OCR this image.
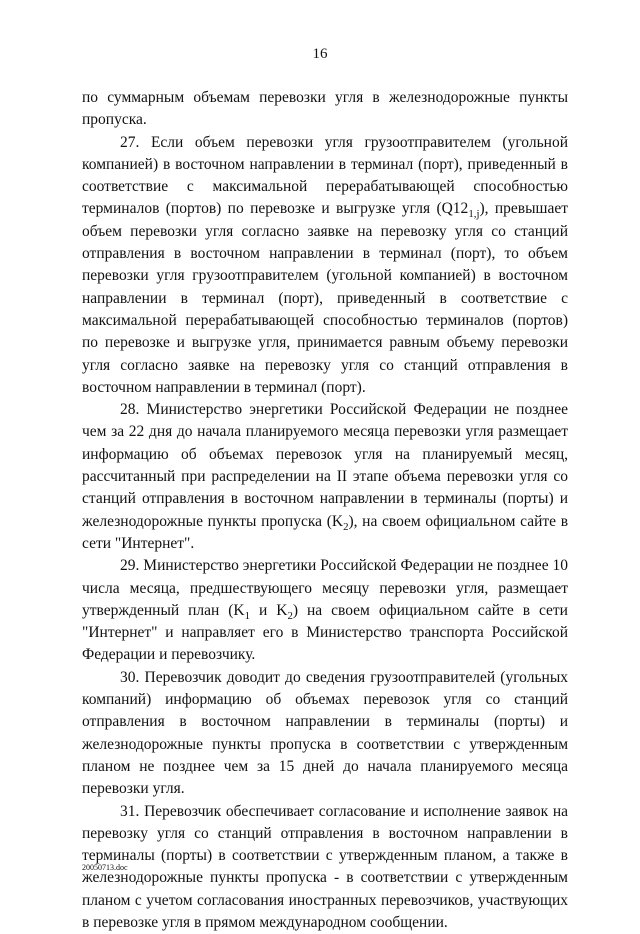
16

по суммарным объемам перевозки угля в железнодорожные пункты пропуска.

27. Если объем перевозки угля грузоотправителем (угольной компанией) в восточном направлении в терминал (порт), приведенный в соответствие с максимальной перерабатывающей способностью терминалов (портов) по перевозке и выгрузке угля $(Q12_{1,j})$, превышает объем перевозки угля согласно заявке на перевозку угля со станций отправления в восточном направлении в терминал (порт), то объем перевозки угля грузоотправителем (угольной компанией) в восточном направлении в терминал (порт), приведенный в соответствие с максимальной перерабатывающей способностью терминалов (портов) по перевозке и выгрузке угля, принимается равным объему перевозки угля согласно заявке на перевозку угля со станций отправления в восточном направлении в терминал (порт).

28. Министерство энергетики Российской Федерации не позднее чем за 22 дня до начала планируемого месяца перевозки угля размещает информацию об объемах перевозок угля на планируемый месяц, рассчитанный при распределении на II этапе объема перевозки угля со станций отправления в восточном направлении в терминалы (порты) и железнодорожные пункты пропуска $(K_2)$, на своем официальном сайте в сети "Интернет".

29. Министерство энергетики Российской Федерации не позднее 10 числа месяца, предшествующего месяцу перевозки угля, размещает утвержденный план ($K_1$ и $K_2$) на своем официальном сайте в сети "Интернет" и направляет его в Министерство транспорта Российской Федерации и перевозчику.

30. Перевозчик доводит до сведения грузоотправителей (угольных компаний) информацию об объемах перевозок угля со станций отправления в восточном направлении в терминалы (порты) и железнодорожные пункты пропуска в соответствии с утвержденным планом не позднее чем за 15 дней до начала планируемого месяца перевозки угля.

31. Перевозчик обеспечивает согласование и исполнение заявок на перевозку угля со станций отправления в восточном направлении в терминалы (порты) в соответствии с утвержденным планом, а также в железнодорожные пункты пропуска - в соответствии с утвержденным планом с учетом согласования иностранных перевозчиков, участвующих в перевозке угля в прямом международном сообщении.

20050713.doc
